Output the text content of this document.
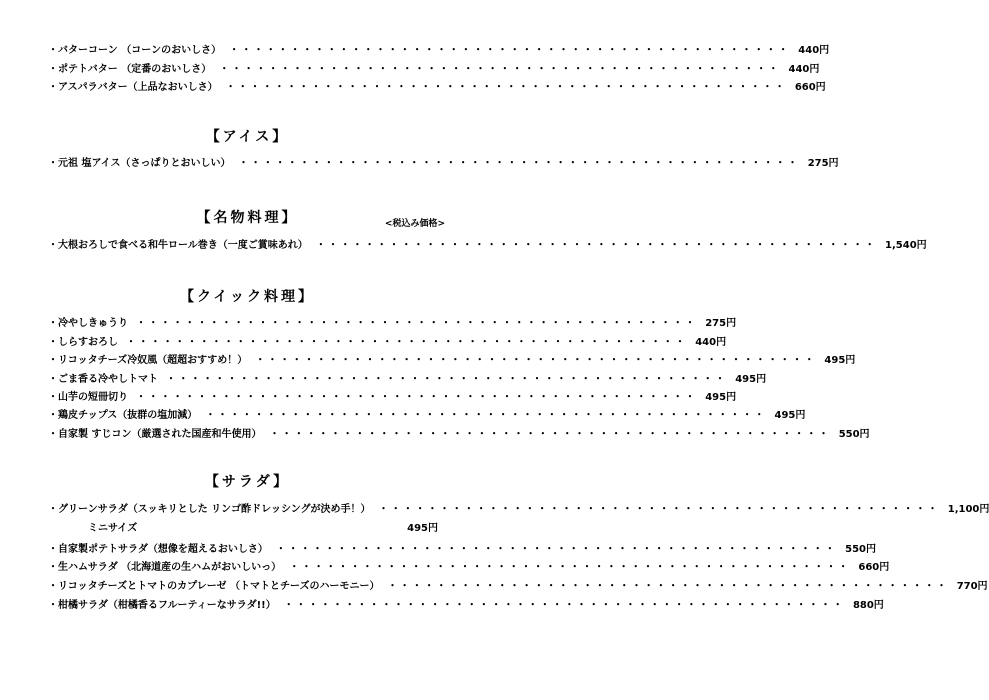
・バターコーン （コーンのおいしさ） ・・・・・・・・・・・・・・・・・・・・・・・・・・・・・・・・・・・・・・・・・・・・・・ 440円
・ポテトバター （定番のおいしさ） ・・・・・・・・・・・・・・・・・・・・・・・・・・・・・・・・・・・・・・・・・・・・・・ 440円
・アスパラバター（上品なおいしさ） ・・・・・・・・・・・・・・・・・・・・・・・・・・・・・・・・・・・・・・・・・・・・・・ 660円
【アイス】
・元祖 塩アイス（さっぱりとおいしい） ・・・・・・・・・・・・・・・・・・・・・・・・・・・・・・・・・・・・・・・・・・・・・・ 275円
【名物料理】	<税込み価格>
・大根おろしで食べる和牛ロール巻き（一度ご賞味あれ） ・・・・・・・・・・・・・・・・・・・・・・・・・・・・・・・・・・・・・・・・・・・・・・ 1,540円
【クイック料理】
・冷やしきゅうり ・・・・・・・・・・・・・・・・・・・・・・・・・・・・・・・・・・・・・・・・・・・・・・ 275円
・しらすおろし ・・・・・・・・・・・・・・・・・・・・・・・・・・・・・・・・・・・・・・・・・・・・・・ 440円
・リコッタチーズ冷奴風（超超おすすめ！） ・・・・・・・・・・・・・・・・・・・・・・・・・・・・・・・・・・・・・・・・・・・・・・ 495円
・ごま香る冷やしトマト ・・・・・・・・・・・・・・・・・・・・・・・・・・・・・・・・・・・・・・・・・・・・・・ 495円
・山芋の短冊切り ・・・・・・・・・・・・・・・・・・・・・・・・・・・・・・・・・・・・・・・・・・・・・・ 495円
・鶏皮チップス（抜群の塩加減） ・・・・・・・・・・・・・・・・・・・・・・・・・・・・・・・・・・・・・・・・・・・・・・ 495円
・自家製 すじコン（厳選された国産和牛使用） ・・・・・・・・・・・・・・・・・・・・・・・・・・・・・・・・・・・・・・・・・・・・・・ 550円
【サラダ】
・グリーンサラダ（スッキリとした リンゴ酢ドレッシングが決め手！） ・・・・・・・・・・・・・・・・・・・・・・・・・・・・・・・・・・・・・・・・・・・・・・ 1,100円
ミニサイズ	495円
・自家製ポテトサラダ（想像を超えるおいしさ） ・・・・・・・・・・・・・・・・・・・・・・・・・・・・・・・・・・・・・・・・・・・・・・ 550円
・生ハムサラダ （北海道産の生ハムがおいしいっ） ・・・・・・・・・・・・・・・・・・・・・・・・・・・・・・・・・・・・・・・・・・・・・・ 660円
・リコッタチーズとトマトのカプレーゼ （トマトとチーズのハーモニー） ・・・・・・・・・・・・・・・・・・・・・・・・・・・・・・・・・・・・・・・・・・・・・・ 770円
・柑橘サラダ（柑橘香るフルーティーなサラダ!!） ・・・・・・・・・・・・・・・・・・・・・・・・・・・・・・・・・・・・・・・・・・・・・・ 880円
